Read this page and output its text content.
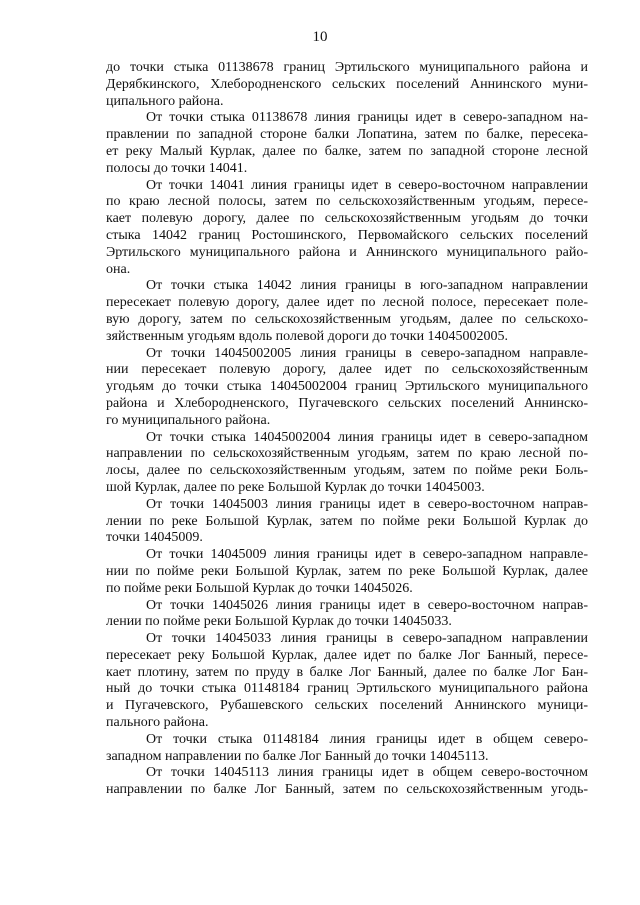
10
до точки стыка 01138678 границ Эртильского муниципального района и
Дерябкинского, Хлебородненского сельских поселений Аннинского муни-
ципального района.
От точки стыка 01138678 линия границы идет в северо-западном на-
правлении по западной стороне балки Лопатина, затем по балке, пересека-
ет реку Малый Курлак, далее по балке, затем по западной стороне лесной
полосы до точки 14041.
От точки 14041 линия границы идет в северо-восточном направлении
по краю лесной полосы, затем по сельскохозяйственным угодьям, пересе-
кает полевую дорогу, далее по сельскохозяйственным угодьям до точки
стыка 14042 границ Ростошинского, Первомайского сельских поселений
Эртильского муниципального района и Аннинского муниципального райо-
она.
От точки стыка 14042 линия границы в юго-западном направлении
пересекает полевую дорогу, далее идет по лесной полосе, пересекает поле-
вую дорогу, затем по сельскохозяйственным угодьям, далее по сельскохо-
зяйственным угодьям вдоль полевой дороги до точки 14045002005.
От точки 14045002005 линия границы в северо-западном направле-
нии пересекает полевую дорогу, далее идет по сельскохозяйственным
угодьям до точки стыка 14045002004 границ Эртильского муниципального
района и Хлебородненского, Пугачевского сельских поселений Аннинско-
го муниципального района.
От точки стыка 14045002004 линия границы идет в северо-западном
направлении по сельскохозяйственным угодьям, затем по краю лесной по-
лосы, далее по сельскохозяйственным угодьям, затем по пойме реки Боль-
шой Курлак, далее по реке Большой Курлак до точки 14045003.
От точки 14045003 линия границы идет в северо-восточном направ-
лении по реке Большой Курлак, затем по пойме реки Большой Курлак до
точки 14045009.
От точки 14045009 линия границы идет в северо-западном направле-
нии по пойме реки Большой Курлак, затем по реке Большой Курлак, далее
по пойме реки Большой Курлак до точки 14045026.
От точки 14045026 линия границы идет в северо-восточном направ-
лении по пойме реки Большой Курлак до точки 14045033.
От точки 14045033 линия границы в северо-западном направлении
пересекает реку Большой Курлак, далее идет по балке Лог Банный, пересе-
кает плотину, затем по пруду в балке Лог Банный, далее по балке Лог Бан-
ный до точки стыка 01148184 границ Эртильского муниципального района
и Пугачевского, Рубашевского сельских поселений Аннинского муници-
пального района.
От точки стыка 01148184 линия границы идет в общем северо-
западном направлении по балке Лог Банный до точки 14045113.
От точки 14045113 линия границы идет в общем северо-восточном
направлении по балке Лог Банный, затем по сельскохозяйственным угодь-
